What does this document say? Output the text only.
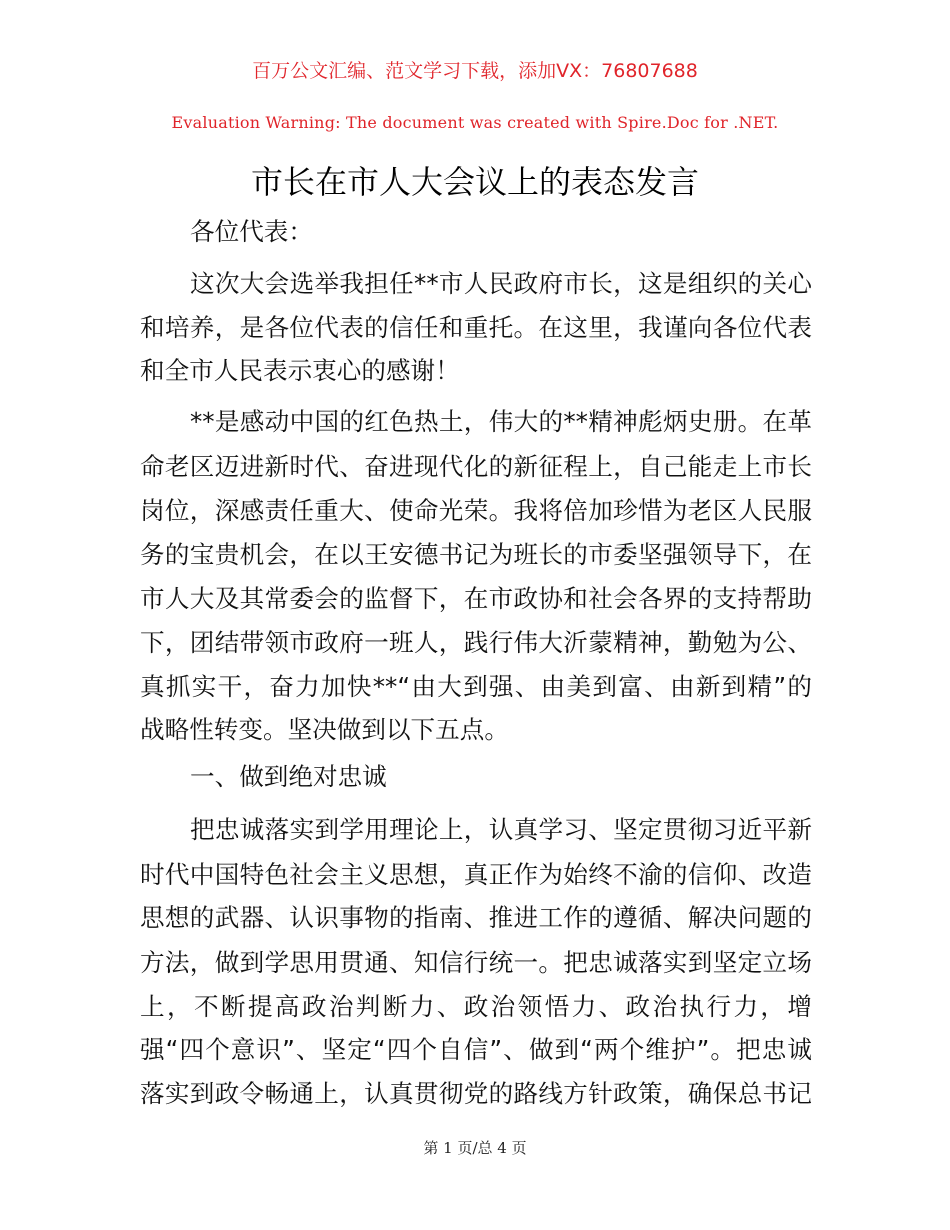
百万公文汇编、范文学习下载，添加VX：76807688
Evaluation Warning: The document was created with Spire.Doc for .NET.
市长在市人大会议上的表态发言
各位代表：
这次大会选举我担任**市人民政府市长，这是组织的关心
和培养，是各位代表的信任和重托。在这里，我谨向各位代表
和全市人民表示衷心的感谢！
**是感动中国的红色热土，伟大的**精神彪炳史册。在革
命老区迈进新时代、奋进现代化的新征程上，自己能走上市长
岗位，深感责任重大、使命光荣。我将倍加珍惜为老区人民服
务的宝贵机会，在以王安德书记为班长的市委坚强领导下，在
市人大及其常委会的监督下，在市政协和社会各界的支持帮助
下，团结带领市政府一班人，践行伟大沂蒙精神，勤勉为公、
真抓实干，奋力加快**“由大到强、由美到富、由新到精”的
战略性转变。坚决做到以下五点。
一、做到绝对忠诚
把忠诚落实到学用理论上，认真学习、坚定贯彻习近平新
时代中国特色社会主义思想，真正作为始终不渝的信仰、改造
思想的武器、认识事物的指南、推进工作的遵循、解决问题的
方法，做到学思用贯通、知信行统一。把忠诚落实到坚定立场
上，不断提高政治判断力、政治领悟力、政治执行力，增
强“四个意识”、坚定“四个自信”、做到“两个维护”。把忠诚
落实到政令畅通上，认真贯彻党的路线方针政策，确保总书记
第 1 页/总 4 页
